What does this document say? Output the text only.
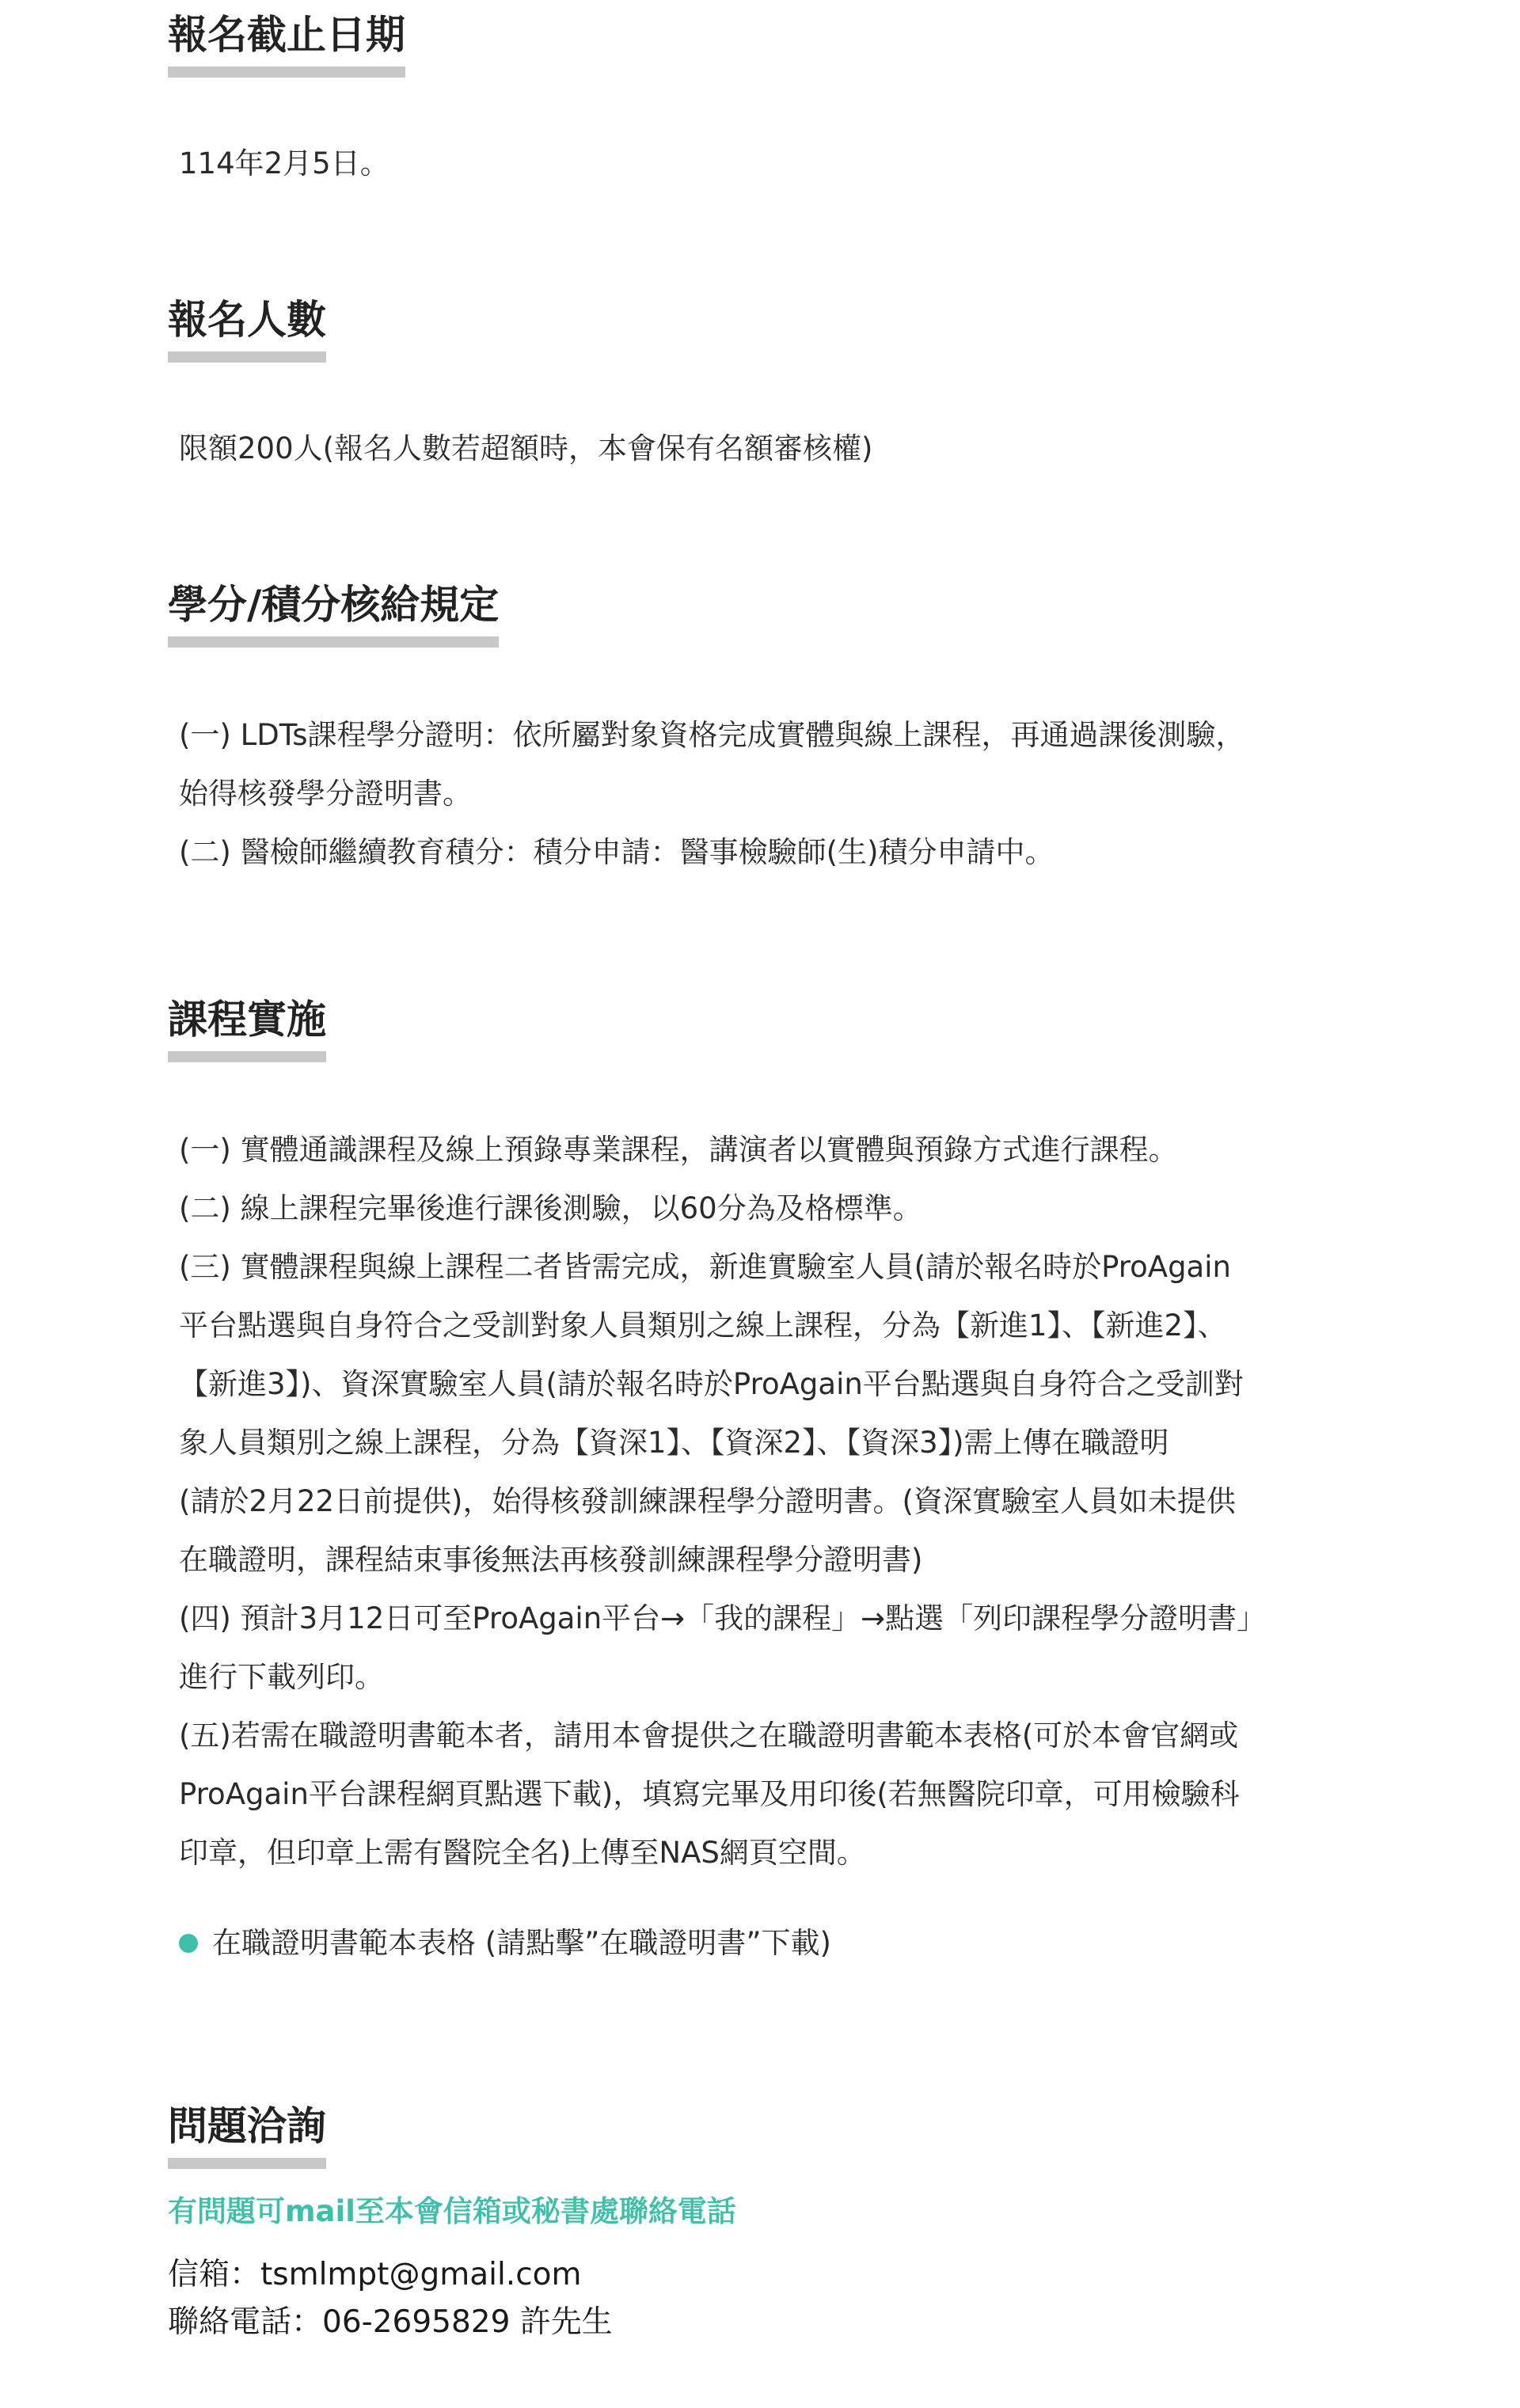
報名截止日期

114年2月5日。

報名人數

限額200人(報名人數若超額時，本會保有名額審核權)

學分/積分核給規定

(一) LDTs課程學分證明：依所屬對象資格完成實體與線上課程，再通過課後測驗，

始得核發學分證明書。

(二) 醫檢師繼續教育積分：積分申請：醫事檢驗師(生)積分申請中。

課程實施

(一) 實體通識課程及線上預錄專業課程，講演者以實體與預錄方式進行課程。

(二) 線上課程完畢後進行課後測驗，以60分為及格標準。

(三) 實體課程與線上課程二者皆需完成，新進實驗室人員(請於報名時於ProAgain

平台點選與自身符合之受訓對象人員類別之線上課程，分為【新進1】、【新進2】、

【新進3】)、資深實驗室人員(請於報名時於ProAgain平台點選與自身符合之受訓對

象人員類別之線上課程，分為【資深1】、【資深2】、【資深3】)需上傳在職證明

(請於2月22日前提供)，始得核發訓練課程學分證明書。(資深實驗室人員如未提供

在職證明，課程結束事後無法再核發訓練課程學分證明書)

(四) 預計3月12日可至ProAgain平台→「我的課程」→點選「列印課程學分證明書」

進行下載列印。

(五)若需在職證明書範本者，請用本會提供之在職證明書範本表格(可於本會官網或

ProAgain平台課程網頁點選下載)，填寫完畢及用印後(若無醫院印章，可用檢驗科

印章，但印章上需有醫院全名)上傳至NAS網頁空間。

在職證明書範本表格 (請點擊”在職證明書”下載)
問題洽詢

有問題可mail至本會信箱或秘書處聯絡電話

信箱：tsmlmpt@gmail.com

聯絡電話：06-2695829 許先生
